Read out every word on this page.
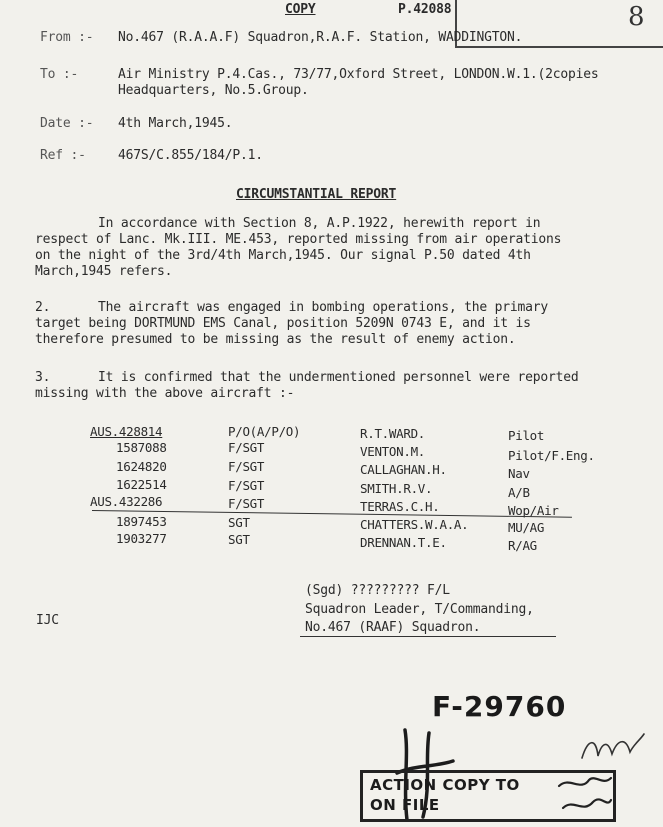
8
COPY	P.42088
From :- No.467 (R.A.A.F) Squadron,R.A.F. Station, WADDINGTON.
To :-	Air Ministry P.4.Cas., 73/77,Oxford Street, LONDON.W.1.(2copies
Headquarters, No.5.Group.
Date :- 4th March,1945.
Ref :- 467S/C.855/184/P.1.
CIRCUMSTANTIAL REPORT
In accordance with Section 8, A.P.1922, herewith report in
respect of Lanc. Mk.III. ME.453, reported missing from air operations
on the night of the 3rd/4th March,1945. Our signal P.50 dated 4th
March,1945 refers.
2.	The aircraft was engaged in bombing operations, the primary
target being DORTMUND EMS Canal, position 5209N 0743 E, and it is
therefore presumed to be missing as the result of enemy action.
3.	It is confirmed that the undermentioned personnel were reported
missing with the above aircraft :-
AUS.428814	P/O(A/P/O)	R.T.WARD.	Pilot
1587088	F/SGT	VENTON.M.	Pilot/F.Eng.
1624820	F/SGT	CALLAGHAN.H.	Nav
1622514	F/SGT	SMITH.R.V.	A/B
AUS.432286	F/SGT	TERRAS.C.H.	Wop/Air
1897453	SGT	CHATTERS.W.A.A.	MU/AG
1903277	SGT	DRENNAN.T.E.	R/AG
(Sgd) ????????? F/L
Squadron Leader, T/Commanding,
No.467 (RAAF) Squadron.
IJC
F-29760
ACTION COPY TO
ON FILE
